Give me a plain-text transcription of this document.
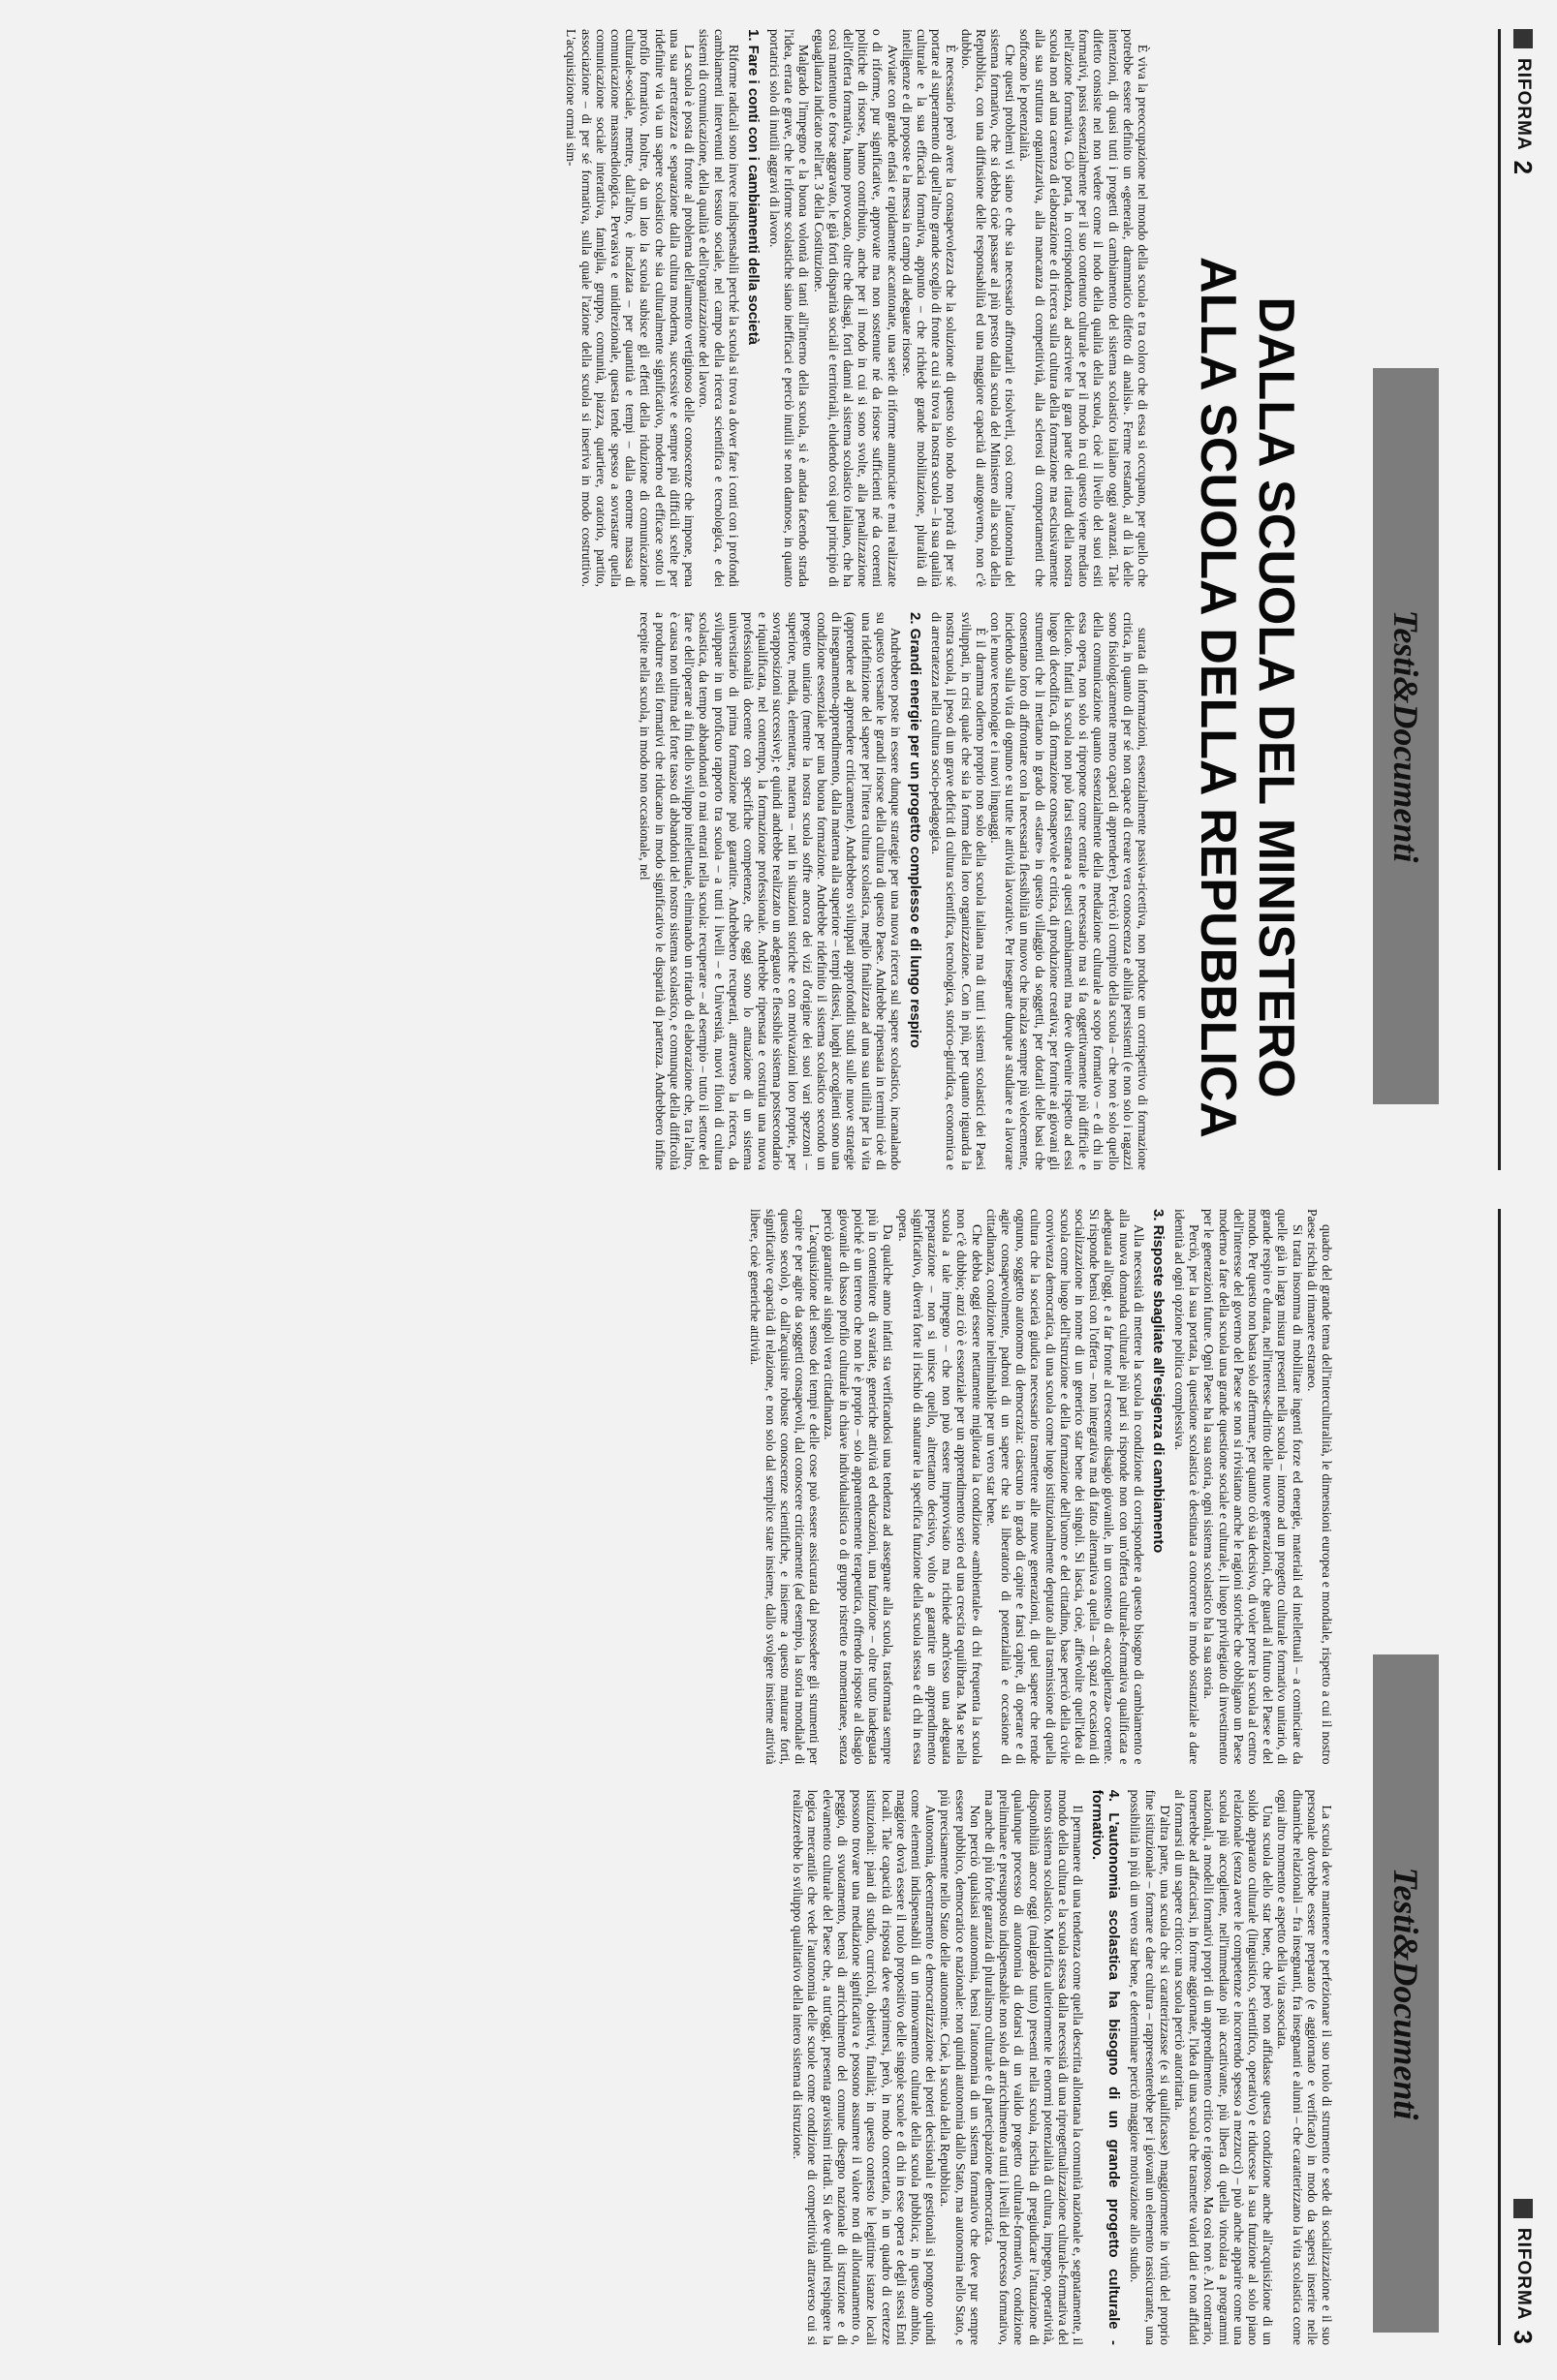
RIFORMA
2
Testi&Documenti
DALLA SCUOLA DEL MINISTERO
ALLA SCUOLA DELLA REPUBBLICA

È viva la preoccupazione nel mondo della scuola e tra coloro che di essa si occupano, per quello che potrebbe essere definito un «generale, drammatico difetto di analisi». Ferme restando, al di là delle intenzioni, di quasi tutti i progetti di cambiamento del sistema scolastico italiano oggi avanzati. Tale difetto consiste nel non vedere come il nodo della qualità della scuola, cioè il livello del suoi esiti formativi, passi essenzialmente per il suo contenuto culturale e per il modo in cui questo viene mediato nell'azione formativa. Ciò porta, in corrispondenza, ad ascrivere la gran parte dei ritardi della nostra scuola non ad una carenza di elaborazione e di ricerca sulla cultura della formazione ma esclusivamente alla sua struttura organizzativa, alla mancanza di competitività, alla sclerosi di comportamenti che soffocano le potenzialità.

Che questi problemi vi siano e che sia necessario affrontarli e risolverli, così come l'autonomia del sistema formativo, che si debba cioè passare al più presto dalla scuola del Ministero alla scuola della Repubblica, con una diffusione delle responsabilità ed una maggiore capacità di autogoverno, non c'è dubbio.

È necessario però avere la consapevolezza che la soluzione di questo solo nodo non potrà di per sé portare al superamento di quell'altro grande scoglio di fronte a cui si trova la nostra scuola – la sua qualità culturale e la sua efficacia formativa, appunto – che richiede grande mobilitazione, pluralità di intelligenze e di proposte e la messa in campo di adeguate risorse.

Avviate con grande enfasi e rapidamente accantonate, una serie di riforme annunciate e mai realizzate o di riforme, pur significative, approvate ma non sostenute né da risorse sufficienti né da coerenti politiche di risorse, hanno contribuito, anche per il modo in cui si sono svolte, alla penalizzazione dell'offerta formativa, hanno provocato, oltre che disagi, forti danni al sistema scolastico italiano, che ha così mantenuto e forse aggravato, le già forti disparità sociali e territoriali, eludendo così quel principio di eguaglianza indicato nell'art. 3 della Costituzione.

Malgrado l'impegno e la buona volontà di tanti all'interno della scuola, si è andata facendo strada l'idea, errata e grave, che le riforme scolastiche siano inefficaci e perciò inutili se non dannose, in quanto portatrici solo di inutili aggravi di lavoro.

1. Fare i conti con i cambiamenti della società

Riforme radicali sono invece indispensabili perché la scuola si trova a dover fare i conti con i profondi cambiamenti intervenuti nel tessuto sociale, nel campo della ricerca scientifica e tecnologica, e dei sistemi di comunicazione, della qualità e dell'organizzazione del lavoro.

La scuola è posta di fronte al problema dell'aumento vertiginoso delle conoscenze che impone, pena una sua arretratezza e separazione dalla cultura moderna, successive e sempre più difficili scelte per ridefinire via via un sapere scolastico che sia culturalmente significativo, moderno ed efficace sotto il profilo formativo. Inoltre, da un lato la scuola subisce gli effetti della riduzione di comunicazione culturale-sociale, mentre, dall'altro, è incalzata – per quantità e tempi – dalla enorme massa di comunicazione massmediologica. Pervasiva e unidirezionale, questa tende spesso a sovrastare quella comunicazione sociale interattiva, famiglia, gruppo, comunità, piazza, quartiere, oratorio, partito, associazione – di per sé formativa, sulla quale l'azione della scuola si inseriva in modo costruttivo. L'acquisizione ormai sim-

surata di informazioni, essenzialmente passiva-ricettiva, non produce un corrispettivo di formazione critica, in quanto di per sé non capace di creare vera conoscenza e abilità persistenti (e non solo i ragazzi sono fisiologicamente meno capaci di apprendere). Perciò il compito della scuola – che non è solo quello della comunicazione quanto essenzialmente della mediazione culturale a scopo formativo – e di chi in essa opera, non solo si ripropone come centrale e necessario ma si fa oggettivamente più difficile e delicato. Infatti la scuola non può farsi estranea a questi cambiamenti ma deve divenire rispetto ad essi luogo di decodifica, di formazione consapevole e critica, di produzione creativa; per fornire ai giovani gli strumenti che li mettano in grado di «stare» in questo villaggio da soggetti, per dotarli delle basi che consentano loro di affrontare con la necessaria flessibilità un nuovo che incalza sempre più velocemente, incidendo sulla vita di ognuno e su tutte le attività lavorative. Per insegnare dunque a studiare e a lavorare con le nuove tecnologie e i nuovi linguaggi.

È il dramma odierno proprio non solo della scuola italiana ma di tutti i sistemi scolastici dei Paesi sviluppati, in crisi quale che sia la forma della loro organizzazione. Con in più, per quanto riguarda la nostra scuola, il peso di un grave deficit di cultura scientifica, tecnologica, storico-giuridica, economica e di arretratezza nella cultura socio-pedagogica.

2. Grandi energie per un progetto complesso e di lungo respiro

Andrebbero poste in essere dunque strategie per una nuova ricerca sul sapere scolastico, incanalando su questo versante le grandi risorse della cultura di questo Paese. Andrebbe ripensata in termini cioè di una ridefinizione del sapere per l'intera cultura scolastica, meglio finalizzata ad una sua utilità per la vita (apprendere ad apprendere criticamente). Andrebbero sviluppati approfonditi studi sulle nuove strategie di insegnamento-apprendimento, dalla materna alla superiore – tempi distesi, luoghi accoglienti sono una condizione essenziale per una buona formazione. Andrebbe ridefinito il sistema scolastico secondo un progetto unitario (mentre la nostra scuola soffre ancora dei vizi d'origine dei suoi vari spezzoni – superiore, media, elementare, materna – nati in situazioni storiche e con motivazioni loro proprie, per sovrapposizioni successive); e quindi andrebbe realizzato un adeguato e flessibile sistema postsecondario e riqualificata, nel contempo, la formazione professionale. Andrebbe ripensata e costruita una nuova professionalità docente con specifiche competenze, che oggi sono lo attuazione di un sistema universitario di prima formazione può garantire. Andrebbero recuperati, attraverso la ricerca, da sviluppare in un proficuo rapporto tra scuola – a tutti i livelli – e Università, nuovi filoni di cultura scolastica, da tempo abbandonati o mai entrati nella scuola: recuperare – ad esempio – tutto il settore del fare e dell'operare ai fini dello sviluppo intellettuale, eliminando un ritardo di elaborazione che, tra l'altro, è causa non ultima del forte tasso di abbandoni del nostro sistema scolastico, e comunque della difficoltà a produrre esiti formativi che riducano in modo significativo le disparità di partenza. Andrebbero infine recepite nella scuola, in modo non occasionale, nel

RIFORMA
3
Testi&Documenti

quadro del grande tema dell'interculturalità, le dimensioni europea e mondiale, rispetto a cui il nostro Paese rischia di rimanere estraneo.

Si tratta insomma di mobilitare ingenti forze ed energie, materiali ed intellettuali – a cominciare da quelle già in larga misura presenti nella scuola – intorno ad un progetto culturale formativo unitario, di grande respiro e durata, nell'interesse-diritto delle nuove generazioni, che guardi al futuro del Paese e del mondo. Per questo non basta solo affermare, per quanto ciò sia decisivo, di voler porre la scuola al centro dell'interesse del governo del Paese se non si rivisitano anche le ragioni storiche che obbligano un Paese moderno a fare della scuola una grande questione sociale e culturale, il luogo privilegiato di investimento per le generazioni future. Ogni Paese ha la sua storia, ogni sistema scolastico ha la sua storia.

Perciò, per la sua portata, la questione scolastica è destinata a concorrere in modo sostanziale a dare identità ad ogni opzione politica complessiva.

3. Risposte sbagliate all'esigenza di cambiamento

Alla necessità di mettere la scuola in condizione di corrispondere a questo bisogno di cambiamento e alla nuova domanda culturale più pari si risponde non con un'offerta culturale-formativa qualificata e adeguata all'oggi, e a far fronte al crescente disagio giovanile, in un contesto di «accoglienza» coerente. Si risponde bensì con l'offerta – non integrativa ma di fatto alternativa a quella – di spazi e occasioni di socializzazione in nome di un generico star bene dei singoli. Si lascia, cioè, affievolire quell'idea di scuola come luogo dell'istruzione e della formazione dell'uomo e del cittadino, base perciò della civile convivenza democratica, di una scuola come luogo istituzionalmente deputato alla trasmissione di quella cultura che la società giudica necessario trasmettere alle nuove generazioni, di quel sapere che rende ognuno, soggetto autonomo di democrazia: ciascuno in grado di capire e farsi capire, di operare e di agire consapevolmente, padroni di un sapere che sia liberatorio di potenzialità e occasione di cittadinanza, condizione ineliminabile per un vero star bene.

Che debba oggi essere nettamente migliorata la condizione «ambientale» di chi frequenta la scuola non c'è dubbio; anzi ciò è essenziale per un apprendimento serio ed una crescita equilibrata. Ma se nella scuola a tale impegno – che non può essere improvvisato ma richiede anch'esso una adeguata preparazione – non si unisce quello, altrettanto decisivo, volto a garantire un apprendimento significativo, diverrà forte il rischio di snaturare la specifica funzione della scuola stessa e di chi in essa opera.

Da qualche anno infatti sta verificandosi una tendenza ad assegnare alla scuola, trasformata sempre più in contenitore di svariate, generiche attività ed educazioni, una funzione – oltre tutto inadeguata poiché è un terreno che non le è proprio – solo apparentemente terapeutica, offrendo risposte al disagio giovanile di basso profilo culturale in chiave individualistica o di gruppo ristretto e momentanee, senza perciò garantire ai singoli vera cittadinanza.

L'acquisizione del senso dei tempi e delle cose può essere assicurata dal possedere gli strumenti per capire e per agire da soggetti consapevoli, dal conoscere criticamente (ad esempio, la storia mondiale di questo secolo), o dall'acquisire robuste conoscenze scientifiche, e insieme a questo maturare forti, significative capacità di relazione, e non solo dal semplice stare insieme, dallo svolgere insieme attività libere, cioè generiche attività.

La scuola deve mantenere e perfezionare il suo ruolo di strumento e sede di socializzazione e il suo personale dovrebbe essere preparato (e aggiornato e verificato) in modo da sapersi inserire nelle dinamiche relazionali – fra insegnanti, fra insegnanti e alunni – che caratterizzano la vita scolastica come ogni altro momento e aspetto della vita associata.

Una scuola dello star bene, che però non affidasse questa condizione anche all'acquisizione di un solido apparato culturale (linguistico, scientifico, operativo) e riducesse la sua funzione al solo piano relazionale (senza avere le competenze e incorrendo spesso a mezzucci) – può anche apparire come una scuola più accogliente, nell'immediato più accattivante, più libera di quella vincolata a programmi nazionali, a modelli formativi propri di un apprendimento critico e rigoroso. Ma così non è. Al contrario, tornerebbe ad affacciarsi, in forme aggiornate, l'idea di una scuola che trasmette valori dati e non affidati al formarsi di un sapere critico: una scuola perciò autoritaria.

D'altra parte, una scuola che si caratterizzasse (e si qualificasse) maggiormente in virtù del proprio fine istituzionale – formare e dare cultura – rappresenterebbe per i giovani un elemento rassicurante, una possibilità in più di un vero star bene, e determinare perciò maggiore motivazione allo studio.

4. L'autonomia scolastica ha bisogno di un grande progetto culturale - formativo.

Il permanere di una tendenza come quella descritta allontana la comunità nazionale e, segnatamente, il mondo della cultura e la scuola stessa dalla necessità di una riprogettualizzazione culturale-formativa del nostro sistema scolastico. Mortifica ulteriormente le enormi potenzialità di cultura, impegno, operatività, disponibilità ancor oggi (malgrado tutto) presenti nella scuola, rischia di pregiudicare l'attuazione di qualunque processo di autonomia di dotarsi di un valido progetto culturale-formativo, condizione preliminare e presupposto indispensabile non solo di arricchimento a tutti i livelli del processo formativo, ma anche di più forte garanzia di pluralismo culturale e di partecipazione democratica.

Non perciò qualsiasi autonomia, bensì l'autonomia di un sistema formativo che deve pur sempre essere pubblico, democratico e nazionale: non quindi autonomia dallo Stato, ma autonomia nello Stato, e più precisamente nello Stato delle autonomie. Cioè, la scuola della Repubblica.

Autonomia, decentramento e democratizzazione dei poteri decisionali e gestionali si pongono quindi come elementi indispensabili di un rinnovamento culturale della scuola pubblica; in questo ambito, maggiore dovrà essere il ruolo propositivo delle singole scuole e di chi in esse opera e degli stessi Enti locali. Tale capacità di risposta deve esprimersi, però, in modo concertato, in un quadro di certezze istituzionali: piani di studio, curricoli, obiettivi, finalità; in questo contesto le legittime istanze locali possono trovare una mediazione significativa e possono assumere il valore non di allontanamento o, peggio, di svuotamento, bensì di arricchimento del comune disegno nazionale di istruzione e di elevamento culturale del Paese che, a tutt'oggi, presenta gravissimi ritardi. Si deve quindi respingere la logica mercantile che vede l'autonomia delle scuole come condizione di competitività attraverso cui si realizzerebbe lo sviluppo qualitativo della intero sistema di istruzione.
